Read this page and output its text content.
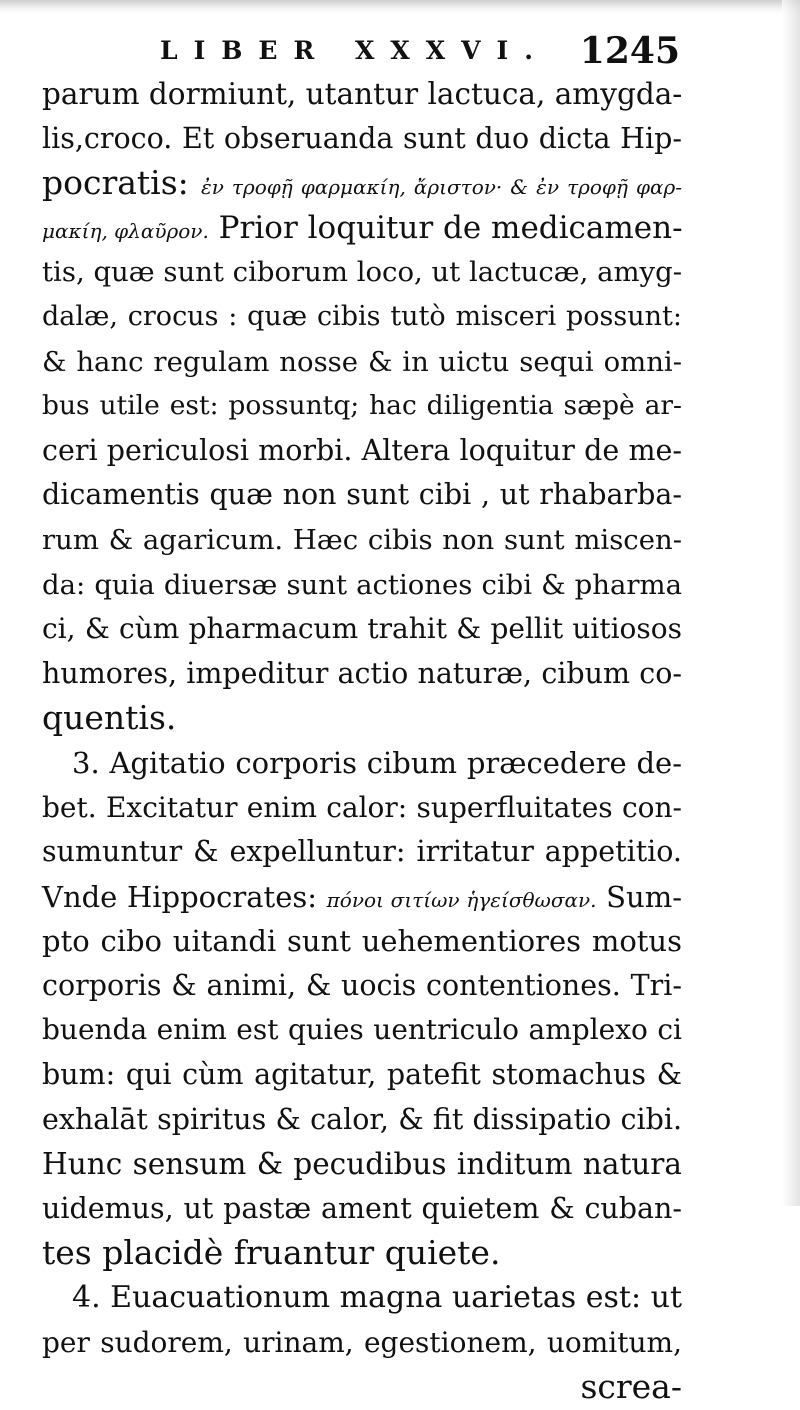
LIBER XXXVI. 1245
parum dormiunt, utantur lactuca, amygda-
lis,croco. Et obseruanda sunt duo dicta Hip-
pocratis: ἐν τροφῇ φαρμακίη, ἄριστον· & ἐν τροφῇ φαρ-
μακίη, φλαῦρον. Prior loquitur de medicamen-
tis, quæ sunt ciborum loco, ut lactucæ, amyg-
dalæ, crocus : quæ cibis tutò misceri possunt:
& hanc regulam nosse & in uictu sequi omni-
bus utile est: possuntq; hac diligentia sæpè ar-
ceri periculosi morbi. Altera loquitur de me-
dicamentis quæ non sunt cibi , ut rhabarba-
rum & agaricum. Hæc cibis non sunt miscen-
da: quia diuersæ sunt actiones cibi & pharma
ci, & cùm pharmacum trahit & pellit uitiosos
humores, impeditur actio naturæ, cibum co-
quentis.
3. Agitatio corporis cibum præcedere de-
bet. Excitatur enim calor: superfluitates con-
sumuntur & expelluntur: irritatur appetitio.
Vnde Hippocrates: πόνοι σιτίων ἡγείσθωσαν. Sum-
pto cibo uitandi sunt uehementiores motus
corporis & animi, & uocis contentiones. Tri-
buenda enim est quies uentriculo amplexo ci
bum: qui cùm agitatur, patefit stomachus &
exhalāt spiritus & calor, & fit dissipatio cibi.
Hunc sensum & pecudibus inditum natura
uidemus, ut pastæ ament quietem & cuban-
tes placidè fruantur quiete.
4. Euacuationum magna uarietas est: ut
per sudorem, urinam, egestionem, uomitum,
screa-
